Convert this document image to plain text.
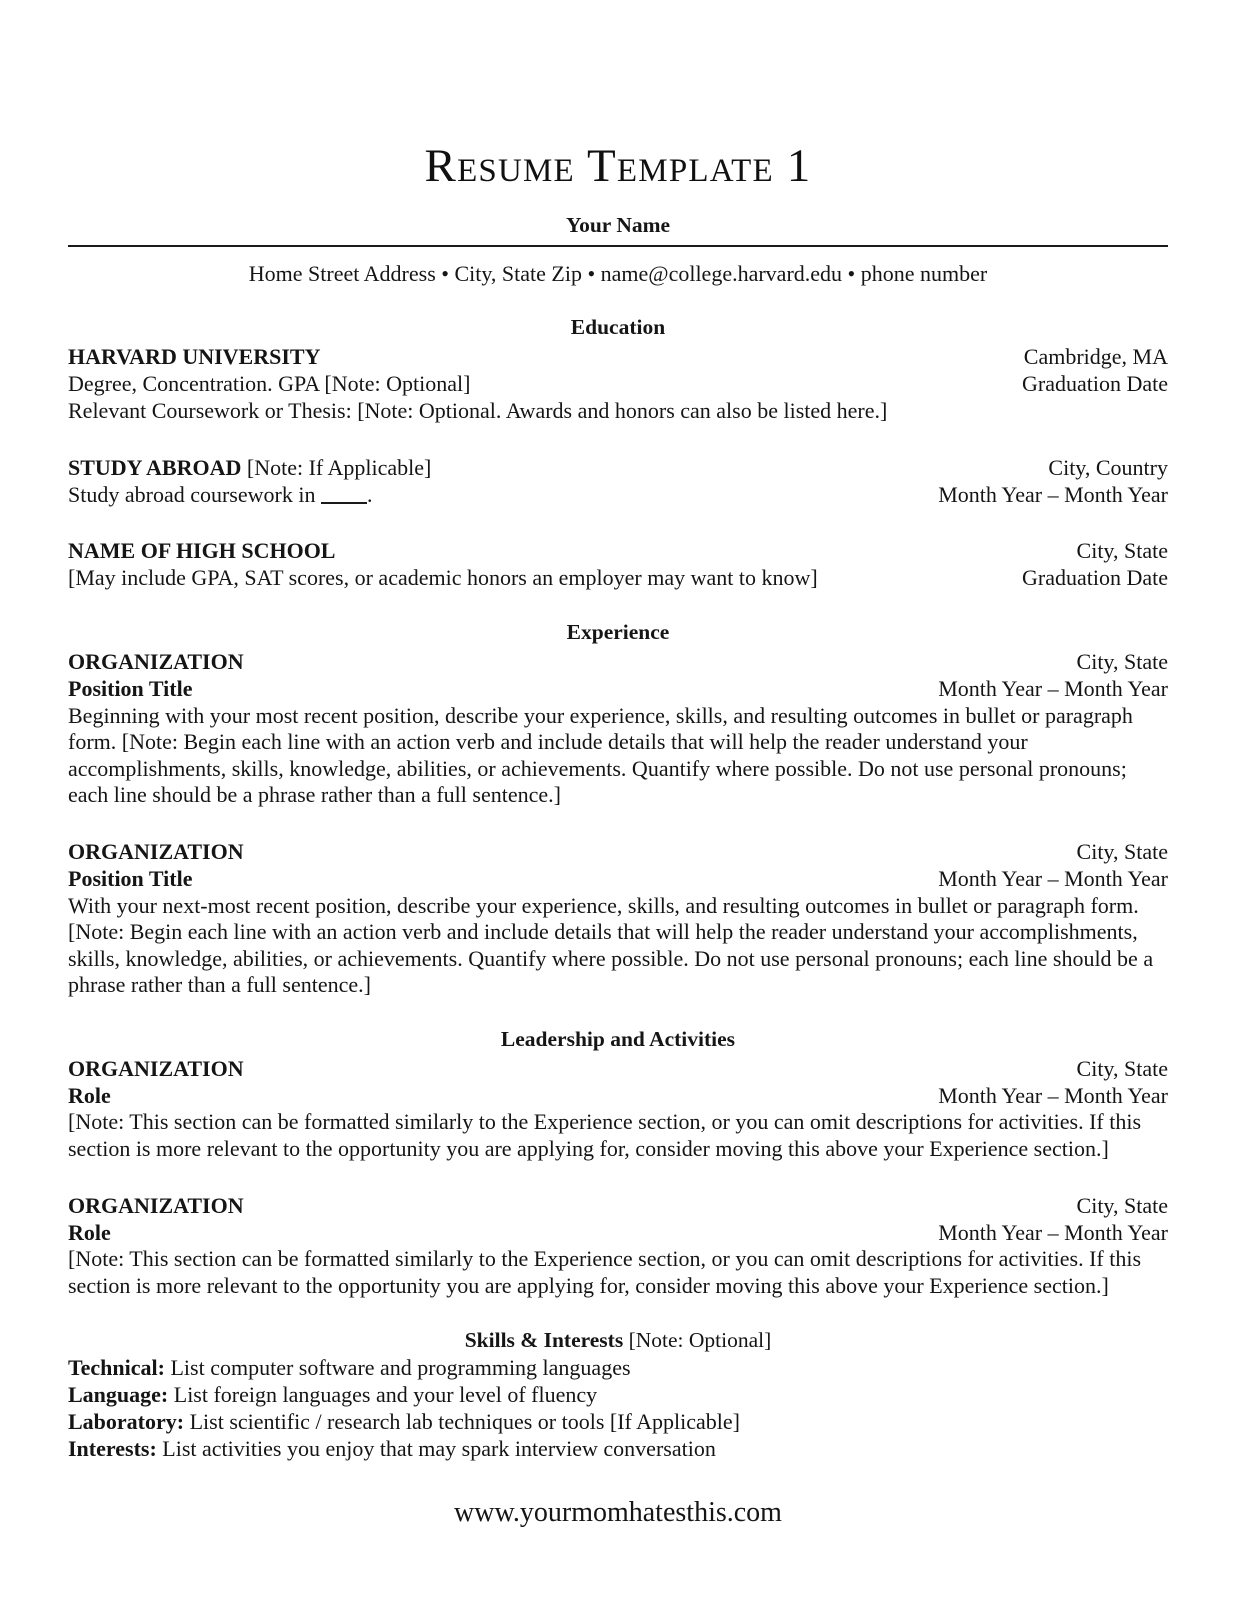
Resume Template 1
Your Name
Home Street Address • City, State Zip • name@college.harvard.edu • phone number
Education
HARVARD UNIVERSITY	Cambridge, MA
Degree, Concentration. GPA [Note: Optional]	Graduation Date
Relevant Coursework or Thesis: [Note: Optional. Awards and honors can also be listed here.]
STUDY ABROAD [Note: If Applicable]	City, Country
Study abroad coursework in .	Month Year – Month Year
NAME OF HIGH SCHOOL	City, State
[May include GPA, SAT scores, or academic honors an employer may want to know]	Graduation Date
Experience
ORGANIZATION	City, State
Position Title	Month Year – Month Year

Beginning with your most recent position, describe your experience, skills, and resulting outcomes in bullet or paragraph form. [Note: Begin each line with an action verb and include details that will help the reader understand your accomplishments, skills, knowledge, abilities, or achievements. Quantify where possible. Do not use personal pronouns; each line should be a phrase rather than a full sentence.]

ORGANIZATION	City, State
Position Title	Month Year – Month Year

With your next-most recent position, describe your experience, skills, and resulting outcomes in bullet or paragraph form. [Note: Begin each line with an action verb and include details that will help the reader understand your accomplishments, skills, knowledge, abilities, or achievements. Quantify where possible. Do not use personal pronouns; each line should be a phrase rather than a full sentence.]

Leadership and Activities
ORGANIZATION	City, State
Role	Month Year – Month Year

[Note: This section can be formatted similarly to the Experience section, or you can omit descriptions for activities. If this section is more relevant to the opportunity you are applying for, consider moving this above your Experience section.]

ORGANIZATION	City, State
Role	Month Year – Month Year

[Note: This section can be formatted similarly to the Experience section, or you can omit descriptions for activities. If this section is more relevant to the opportunity you are applying for, consider moving this above your Experience section.]

Skills & Interests [Note: Optional]
Technical: List computer software and programming languages
Language: List foreign languages and your level of fluency
Laboratory: List scientific / research lab techniques or tools [If Applicable]
Interests: List activities you enjoy that may spark interview conversation
www.yourmomhatesthis.com
